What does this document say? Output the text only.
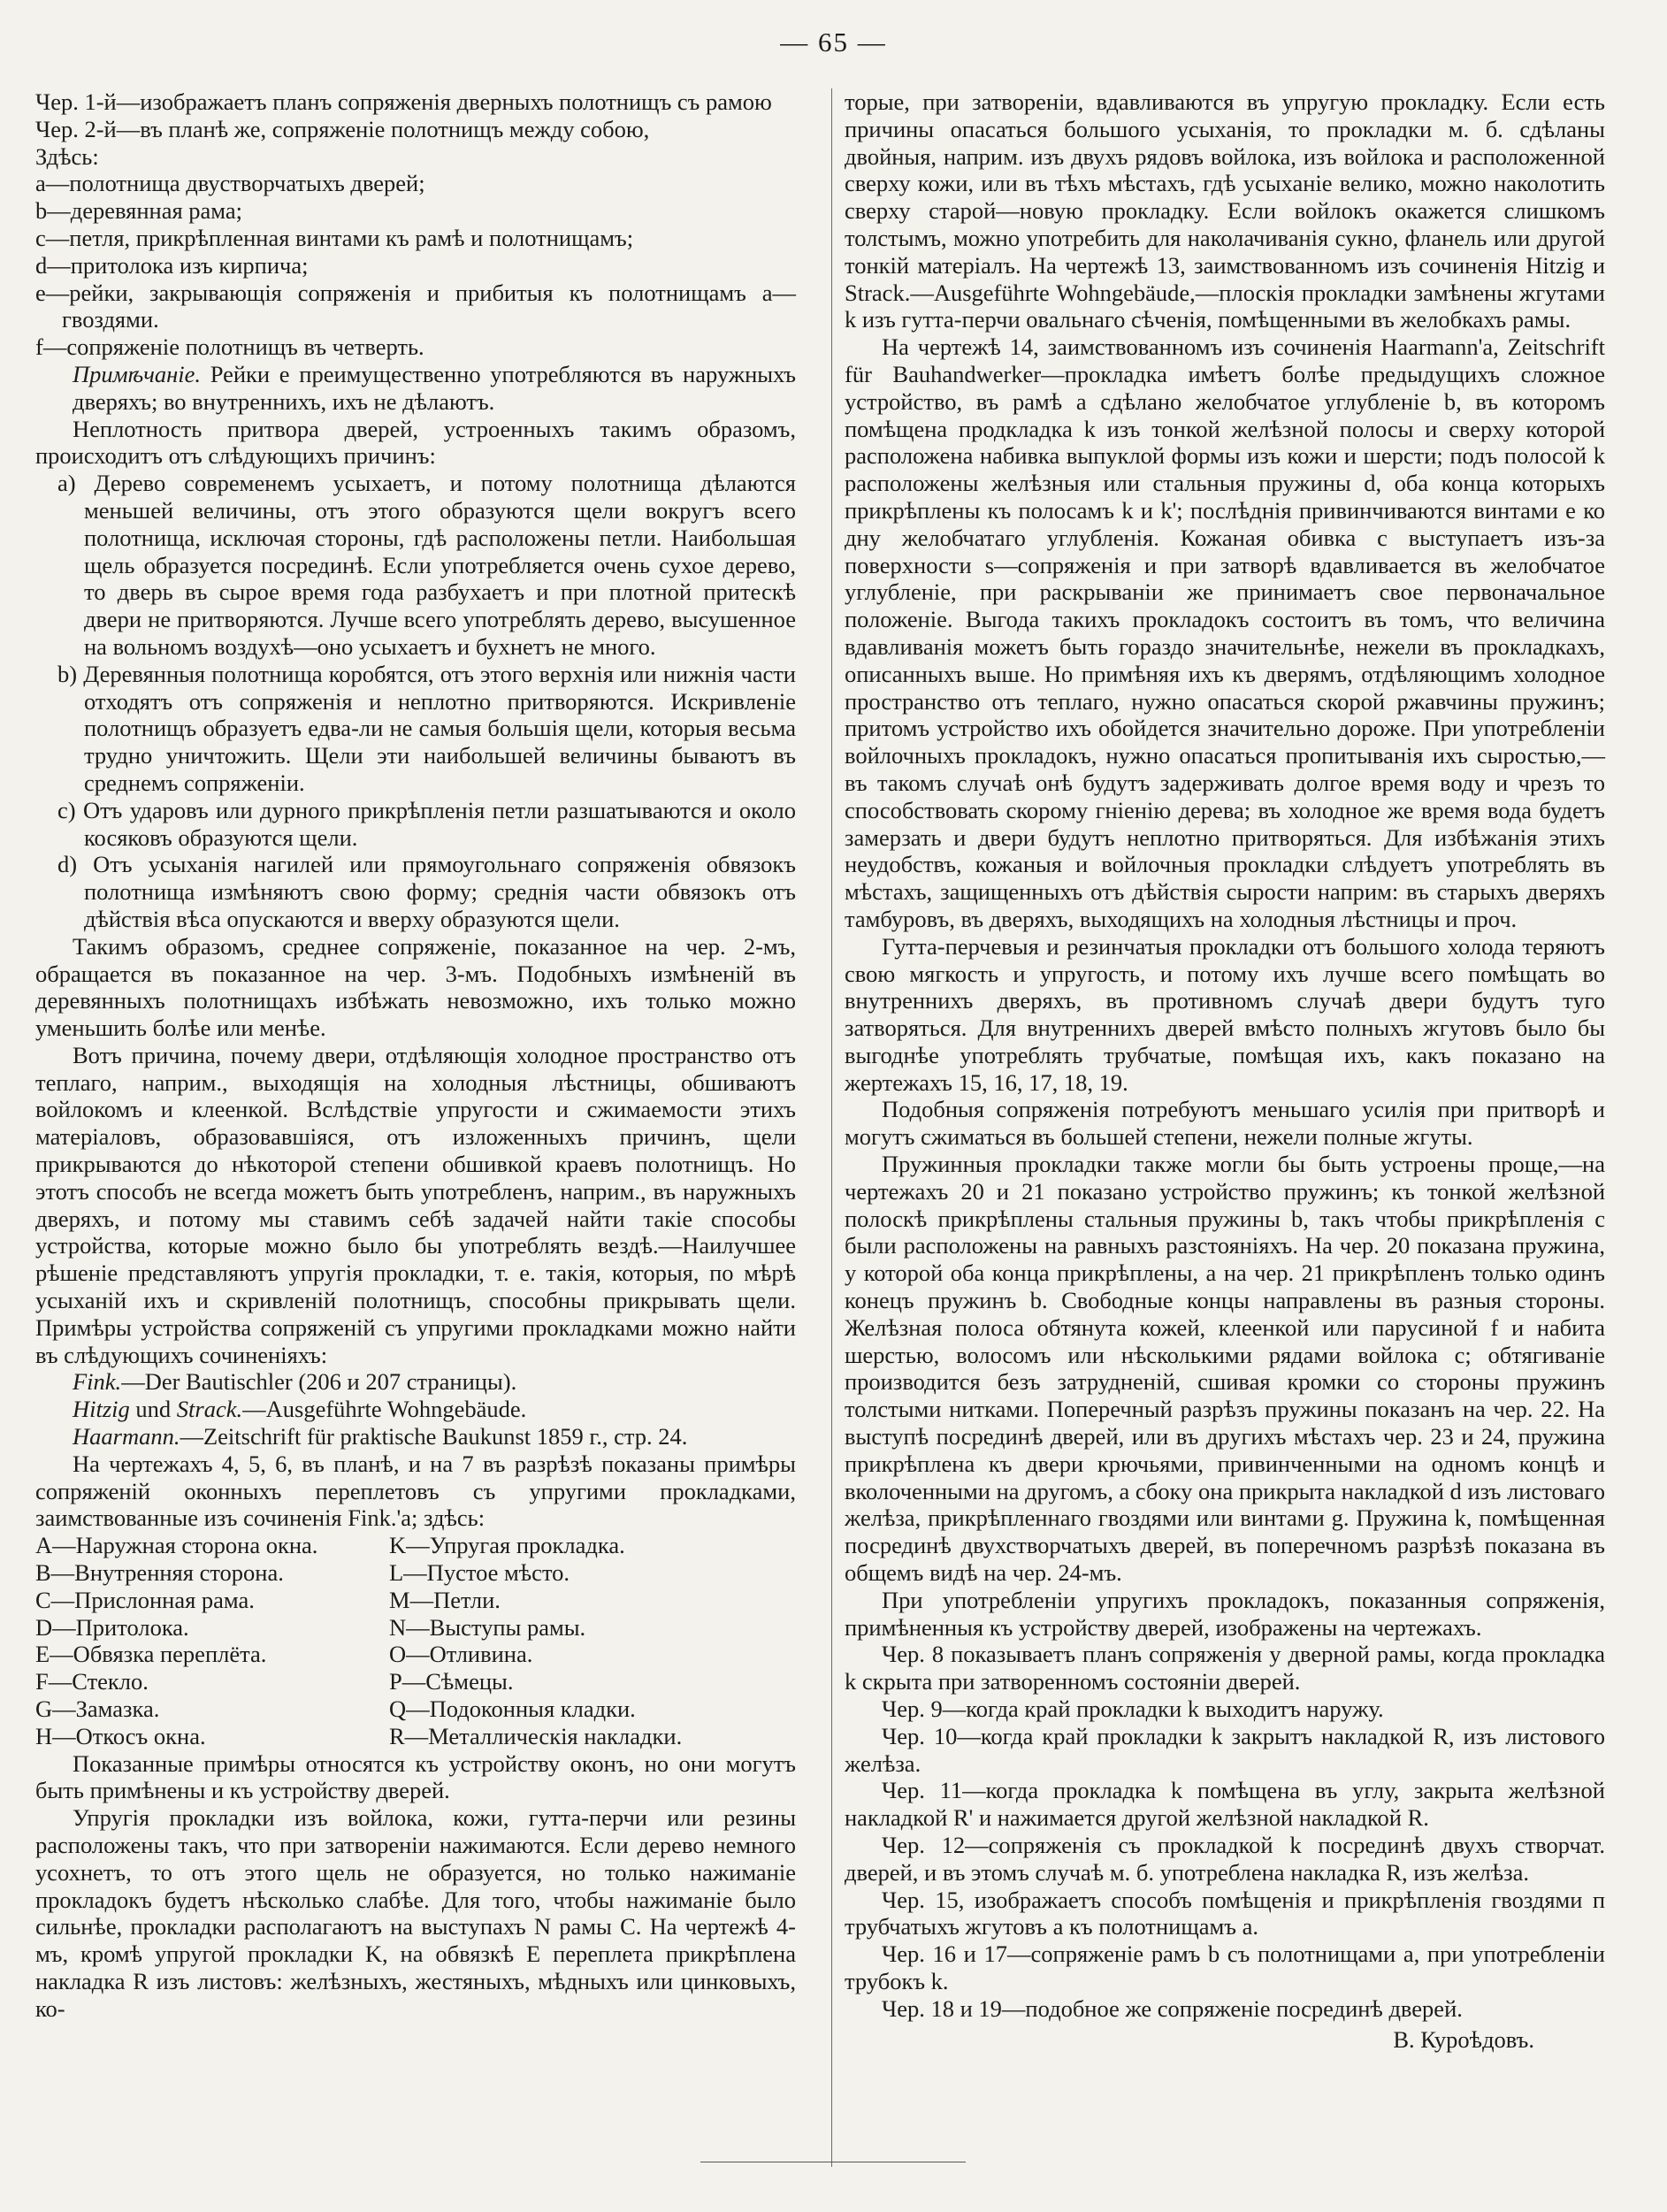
— 65 —

Чер. 1-й—изображаетъ планъ сопряженія дверныхъ полотнищъ съ рамою

Чер. 2-й—въ планѣ же, сопряженіе полотнищъ между собою,

Здѣсь:

а—полотнища двустворчатыхъ дверей;

b—деревянная рама;

с—петля, прикрѣпленная винтами къ рамѣ и полотнищамъ;

d—притолока изъ кирпича;

е—рейки, закрывающія сопряженія и прибитыя къ полотнищамъ а—гвоздями.

f—сопряженіе полотнищъ въ четверть.

Примѣчаніе. Рейки е преимущественно употребляются въ наружныхъ дверяхъ; во внутреннихъ, ихъ не дѣлаютъ.

Неплотность притвора дверей, устроенныхъ такимъ образомъ, происходитъ отъ слѣдующихъ причинъ:

a) Дерево современемъ усыхаетъ, и потому полотнища дѣлаются меньшей величины, отъ этого образуются щели вокругъ всего полотнища, исключая стороны, гдѣ расположены петли. Наибольшая щель образуется посрединѣ. Если употребляется очень сухое дерево, то дверь въ сырое время года разбухаетъ и при плотной притескѣ двери не притворяются. Лучше всего употреблять дерево, высушенное на вольномъ воздухѣ—оно усыхаетъ и бухнетъ не много.

b) Деревянныя полотнища коробятся, отъ этого верхнія или нижнія части отходятъ отъ сопряженія и неплотно притворяются. Искривленіе полотнищъ образуетъ едва-ли не самыя большія щели, которыя весьма трудно уничтожить. Щели эти наибольшей величины бываютъ въ среднемъ сопряженіи.

c) Отъ ударовъ или дурного прикрѣпленія петли разшатываются и около косяковъ образуются щели.

d) Отъ усыханія нагилей или прямоугольнаго сопряженія обвязокъ полотнища измѣняютъ свою форму; среднія части обвязокъ отъ дѣйствія вѣса опускаются и вверху образуются щели.

Такимъ образомъ, среднее сопряженіе, показанное на чер. 2-мъ, обращается въ показанное на чер. 3-мъ. Подобныхъ измѣненій въ деревянныхъ полотнищахъ избѣжать невозможно, ихъ только можно уменьшить болѣе или менѣе.

Вотъ причина, почему двери, отдѣляющія холодное пространство отъ теплаго, наприм., выходящія на холодныя лѣстницы, обшиваютъ войлокомъ и клеенкой. Вслѣдствіе упругости и сжимаемости этихъ матеріаловъ, образовавшіяся, отъ изложенныхъ причинъ, щели прикрываются до нѣкоторой степени обшивкой краевъ полотнищъ. Но этотъ способъ не всегда можетъ быть употребленъ, наприм., въ наружныхъ дверяхъ, и потому мы ставимъ себѣ задачей найти такіе способы устройства, которые можно было бы употреблять вездѣ.—Наилучшее рѣшеніе представляютъ упругія прокладки, т. е. такія, которыя, по мѣрѣ усыханій ихъ и скривленій полотнищъ, способны прикрывать щели. Примѣры устройства сопряженій съ упругими прокладками можно найти въ слѣдующихъ сочиненіяхъ:

Fink.—Der Bautischler (206 и 207 страницы).

Hitzig und Strack.—Ausgeführte Wohngebäude.

Haarmann.—Zeitschrift für praktische Baukunst 1859 г., стр. 24.

На чертежахъ 4, 5, 6, въ планѣ, и на 7 въ разрѣзѣ показаны примѣры сопряженій оконныхъ переплетовъ съ упругими прокладками, заимствованные изъ сочиненія Fink.'а; здѣсь:

A—Наружная сторона окна.	K—Упругая прокладка.
B—Внутренняя сторона.	L—Пустое мѣсто.
C—Прислонная рама.	M—Петли.
D—Притолока.	N—Выступы рамы.
E—Обвязка переплёта.	O—Отливина.
F—Стекло.	P—Сѣмецы.
G—Замазка.	Q—Подоконныя кладки.
H—Откосъ окна.	R—Металлическія накладки.

Показанные примѣры относятся къ устройству оконъ, но они могутъ быть примѣнены и къ устройству дверей.

Упругія прокладки изъ войлока, кожи, гутта-перчи или резины расположены такъ, что при затвореніи нажимаются. Если дерево немного усохнетъ, то отъ этого щель не образуется, но только нажиманіе прокладокъ будетъ нѣсколько слабѣе. Для того, чтобы нажиманіе было сильнѣе, прокладки располагаютъ на выступахъ N рамы C. На чертежѣ 4-мъ, кромѣ упругой прокладки K, на обвязкѣ E переплета прикрѣплена накладка R изъ листовъ: желѣзныхъ, жестяныхъ, мѣдныхъ или цинковыхъ, ко-

торые, при затвореніи, вдавливаются въ упругую прокладку. Если есть причины опасаться большого усыханія, то прокладки м. б. сдѣланы двойныя, наприм. изъ двухъ рядовъ войлока, изъ войлока и расположенной сверху кожи, или въ тѣхъ мѣстахъ, гдѣ усыханіе велико, можно наколотить сверху старой—новую прокладку. Если войлокъ окажется слишкомъ толстымъ, можно употребить для наколачиванія сукно, фланель или другой тонкій матеріалъ. На чертежѣ 13, заимствованномъ изъ сочиненія Hitzig и Strack.—Ausgeführte Wohngebäude,—плоскія прокладки замѣнены жгутами k изъ гутта-перчи овальнаго сѣченія, помѣщенными въ желобкахъ рамы.

На чертежѣ 14, заимствованномъ изъ сочиненія Haarmann'a, Zeitschrift für Bauhandwerker—прокладка имѣетъ болѣе предыдущихъ сложное устройство, въ рамѣ а сдѣлано желобчатое углубленіе b, въ которомъ помѣщена продкладка k изъ тонкой желѣзной полосы и сверху которой расположена набивка выпуклой формы изъ кожи и шерсти; подъ полосой k расположены желѣзныя или стальныя пружины d, оба конца которыхъ прикрѣплены къ полосамъ k и k'; послѣднія привинчиваются винтами е ко дну желобчатаго углубленія. Кожаная обивка с выступаетъ изъ-за поверхности s—сопряженія и при затворѣ вдавливается въ желобчатое углубленіе, при раскрываніи же принимаетъ свое первоначальное положеніе. Выгода такихъ прокладокъ состоитъ въ томъ, что величина вдавливанія можетъ быть гораздо значительнѣе, нежели въ прокладкахъ, описанныхъ выше. Но примѣняя ихъ къ дверямъ, отдѣляющимъ холодное пространство отъ теплаго, нужно опасаться скорой ржавчины пружинъ; притомъ устройство ихъ обойдется значительно дороже. При употребленіи войлочныхъ прокладокъ, нужно опасаться пропитыванія ихъ сыростью,—въ такомъ случаѣ онѣ будутъ задерживать долгое время воду и чрезъ то способствовать скорому гніенію дерева; въ холодное же время вода будетъ замерзать и двери будутъ неплотно притворяться. Для избѣжанія этихъ неудобствъ, кожаныя и войлочныя прокладки слѣдуетъ употреблять въ мѣстахъ, защищенныхъ отъ дѣйствія сырости наприм: въ старыхъ дверяхъ тамбуровъ, въ дверяхъ, выходящихъ на холодныя лѣстницы и проч.

Гутта-перчевыя и резинчатыя прокладки отъ большого холода теряютъ свою мягкость и упругость, и потому ихъ лучше всего помѣщать во внутреннихъ дверяхъ, въ противномъ случаѣ двери будутъ туго затворяться. Для внутреннихъ дверей вмѣсто полныхъ жгутовъ было бы выгоднѣе употреблять трубчатые, помѣщая ихъ, какъ показано на жертежахъ 15, 16, 17, 18, 19.

Подобныя сопряженія потребуютъ меньшаго усилія при притворѣ и могутъ сжиматься въ большей степени, нежели полные жгуты.

Пружинныя прокладки также могли бы быть устроены проще,—на чертежахъ 20 и 21 показано устройство пружинъ; къ тонкой желѣзной полоскѣ прикрѣплены стальныя пружины b, такъ чтобы прикрѣпленія с были расположены на равныхъ разстояніяхъ. На чер. 20 показана пружина, у которой оба конца прикрѣплены, а на чер. 21 прикрѣпленъ только одинъ конецъ пружинъ b. Свободные концы направлены въ разныя стороны. Желѣзная полоса обтянута кожей, клеенкой или парусиной f и набита шерстью, волосомъ или нѣсколькими рядами войлока с; обтягиваніе производится безъ затрудненій, сшивая кромки со стороны пружинъ толстыми нитками. Поперечный разрѣзъ пружины показанъ на чер. 22. На выступѣ посрединѣ дверей, или въ другихъ мѣстахъ чер. 23 и 24, пружина прикрѣплена къ двери крючьями, привинченными на одномъ концѣ и вколоченными на другомъ, а сбоку она прикрыта накладкой d изъ листоваго желѣза, прикрѣпленнаго гвоздями или винтами g. Пружина k, помѣщенная посрединѣ двухстворчатыхъ дверей, въ поперечномъ разрѣзѣ показана въ общемъ видѣ на чер. 24-мъ.

При употребленіи упругихъ прокладокъ, показанныя сопряженія, примѣненныя къ устройству дверей, изображены на чертежахъ.

Чер. 8 показываетъ планъ сопряженія у дверной рамы, когда прокладка k скрыта при затворенномъ состояніи дверей.

Чер. 9—когда край прокладки k выходитъ наружу.

Чер. 10—когда край прокладки k закрытъ накладкой R, изъ листового желѣза.

Чер. 11—когда прокладка k помѣщена въ углу, закрыта желѣзной накладкой R' и нажимается другой желѣзной накладкой R.

Чер. 12—сопряженія съ прокладкой k посрединѣ двухъ створчат. дверей, и въ этомъ случаѣ м. б. употреблена накладка R, изъ желѣза.

Чер. 15, изображаетъ способъ помѣщенія и прикрѣпленія гвоздями п трубчатыхъ жгутовъ а къ полотнищамъ а.

Чер. 16 и 17—сопряженіе рамъ b съ полотнищами а, при употребленіи трубокъ k.

Чер. 18 и 19—подобное же сопряженіе посрединѣ дверей.

В. Куроѣдовъ.
